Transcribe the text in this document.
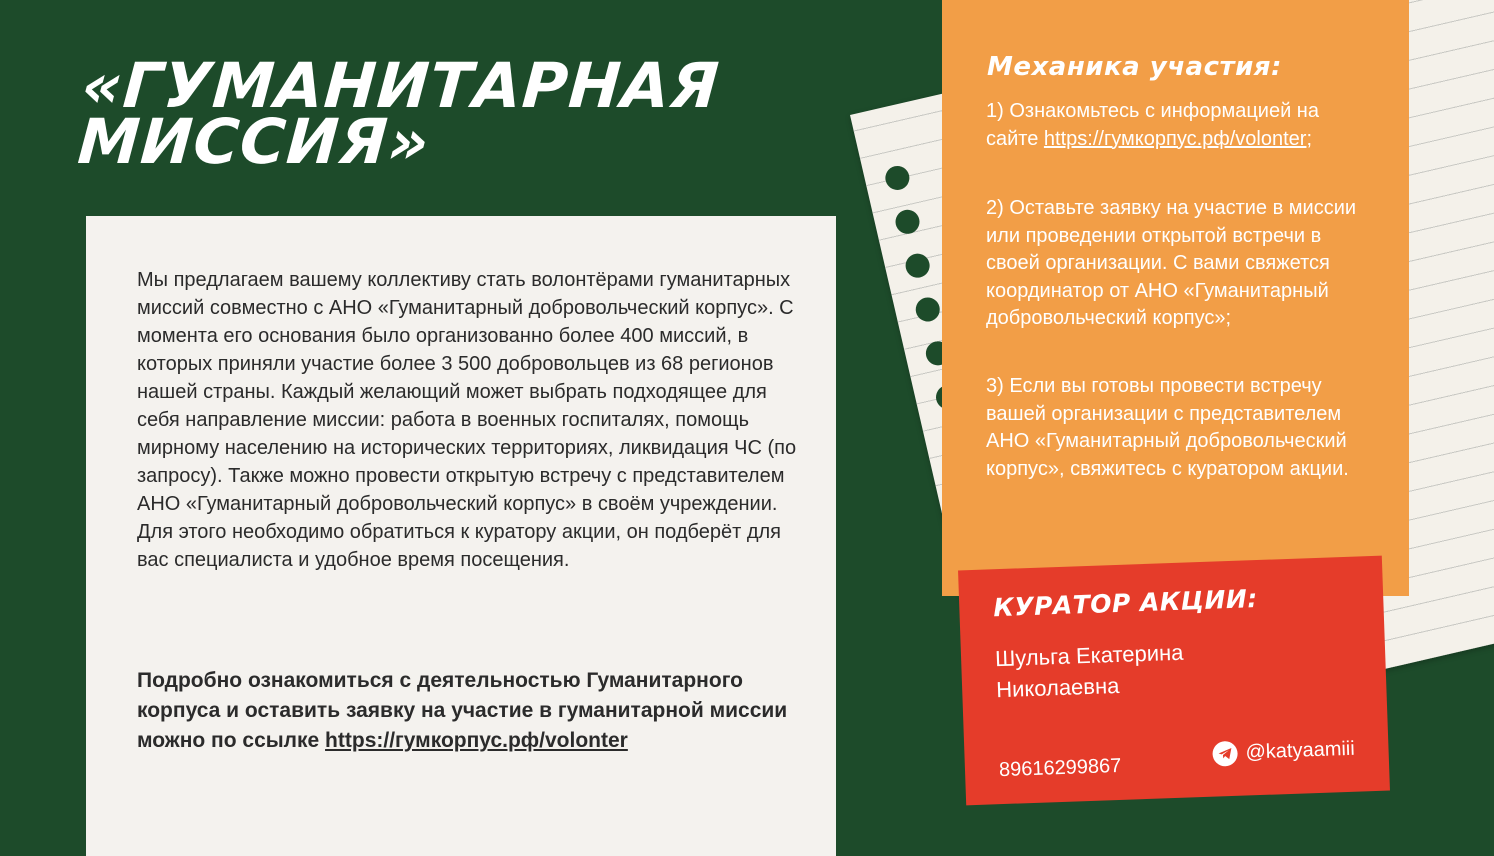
Механика участия:

1) Ознакомьтесь с информацией на сайте https://гумкорпус.рф/volonter;

2) Оставьте заявку на участие в миссии или проведении открытой встречи в своей организации. С вами свяжется координатор от АНО «Гуманитарный добровольческий корпус»;

3) Если вы готовы провести встречу вашей организации с представителем АНО «Гуманитарный добровольческий корпус», свяжитесь с куратором акции.

КУРАТОР АКЦИИ:
Шульга Екатерина
Николаевна
89616299867
@katyaamiii
«ГУМАНИТАРНАЯ
МИССИЯ»

Мы предлагаем вашему коллективу стать волонтёрами гуманитарных миссий совместно с АНО «Гуманитарный добровольческий корпус». С момента его основания было организованно более 400 миссий, в которых приняли участие более 3 500 добровольцев из 68 регионов нашей страны. Каждый желающий может выбрать подходящее для себя направление миссии: работа в военных госпиталях, помощь мирному населению на исторических территориях, ликвидация ЧС (по запросу). Также можно провести открытую встречу с представителем АНО «Гуманитарный добровольческий корпус» в своём учреждении. Для этого необходимо обратиться к куратору акции, он подберёт для вас специалиста и удобное время посещения.

Подробно ознакомиться с деятельностью Гуманитарного корпуса и оставить заявку на участие в гуманитарной миссии можно по ссылке https://гумкорпус.рф/volonter
